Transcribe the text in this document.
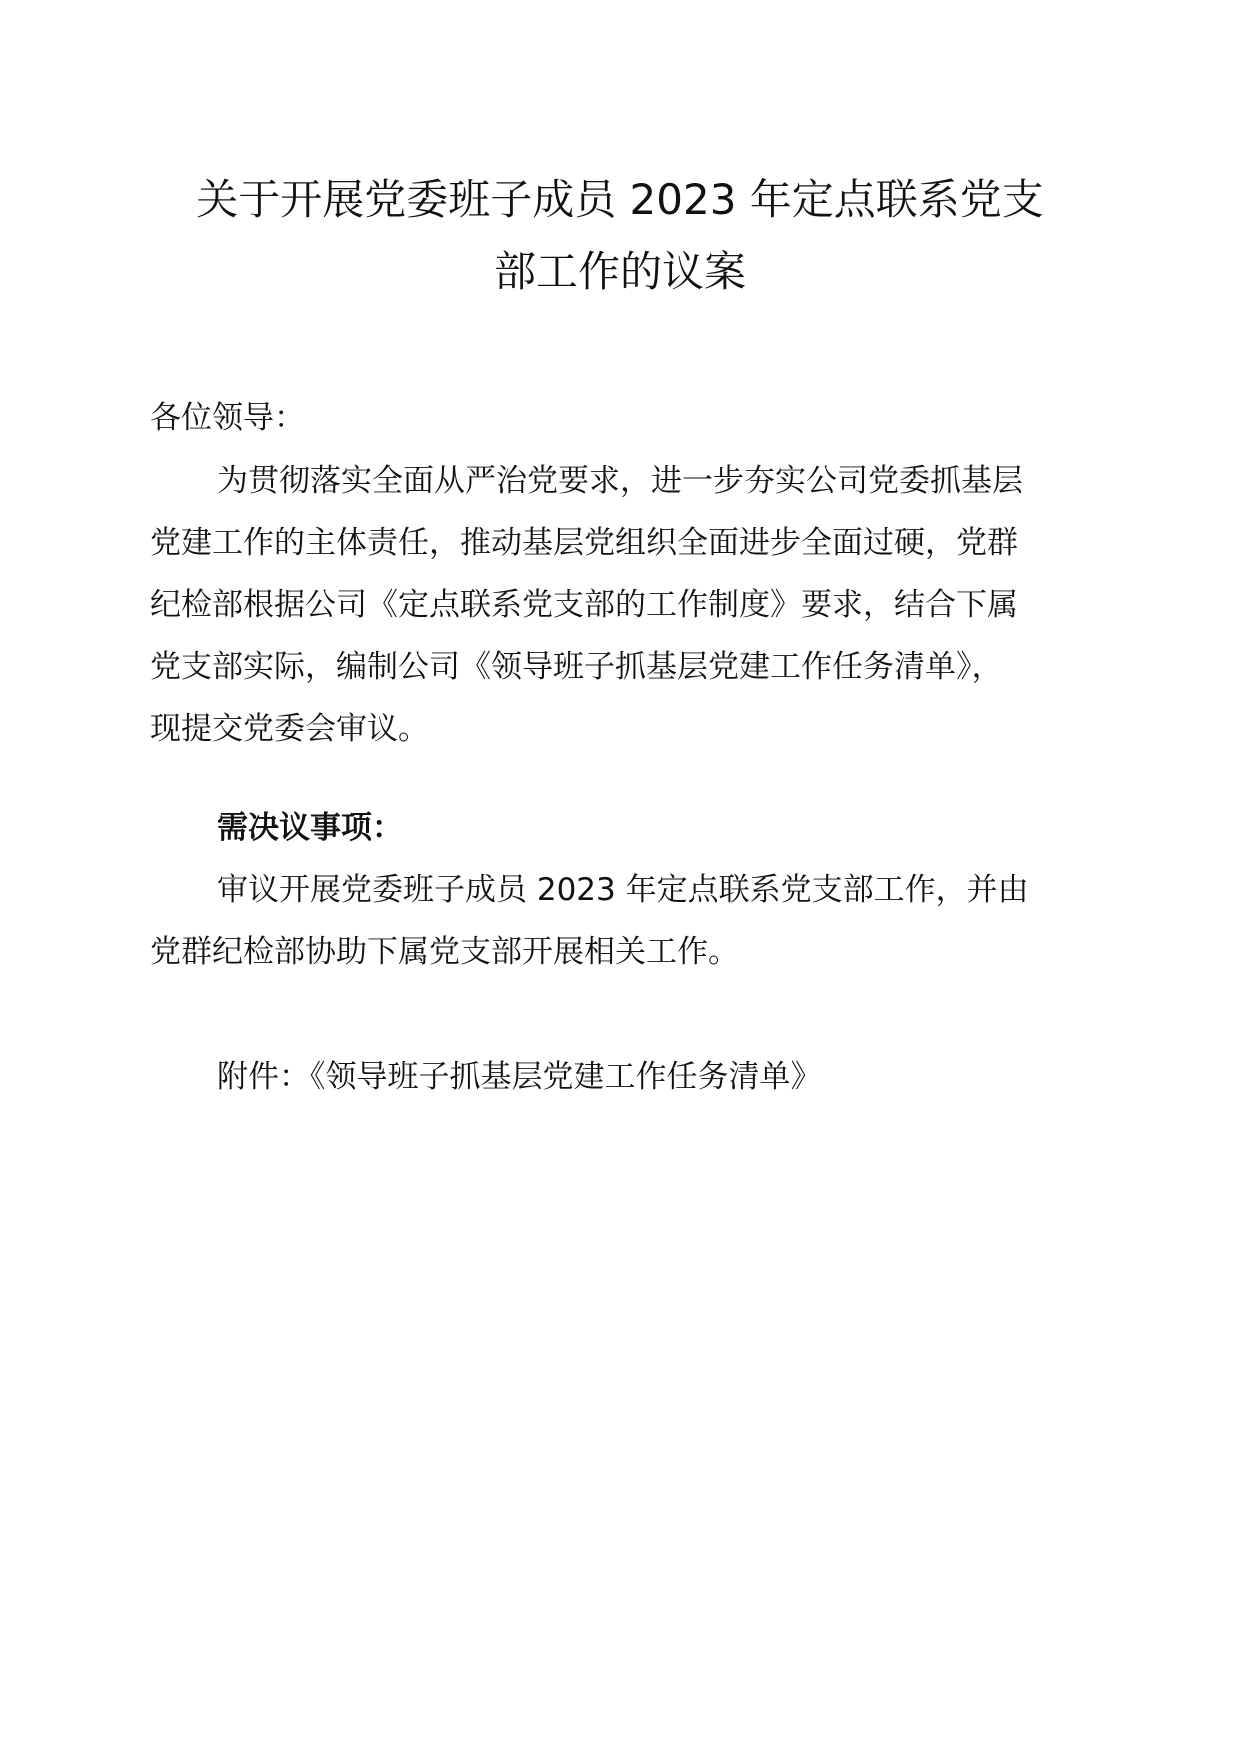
关于开展党委班子成员 2023 年定点联系党支
部工作的议案
各位领导：
为贯彻落实全面从严治党要求，进一步夯实公司党委抓基层
党建工作的主体责任，推动基层党组织全面进步全面过硬，党群
纪检部根据公司《定点联系党支部的工作制度》要求，结合下属
党支部实际，编制公司《领导班子抓基层党建工作任务清单》，
现提交党委会审议。
需决议事项：
审议开展党委班子成员 2023 年定点联系党支部工作，并由
党群纪检部协助下属党支部开展相关工作。
附件：《领导班子抓基层党建工作任务清单》
